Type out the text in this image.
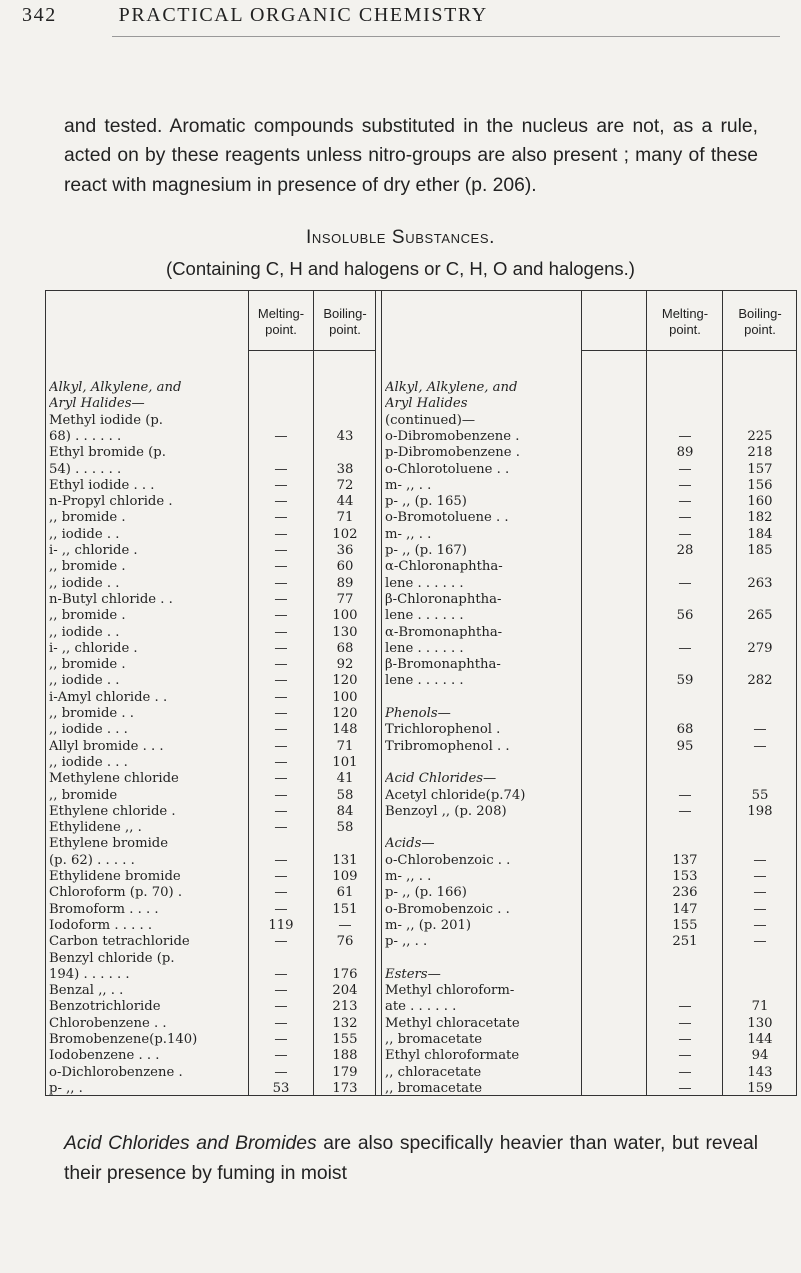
342	PRACTICAL ORGANIC CHEMISTRY
and tested. Aromatic compounds substituted in the nucleus are not, as a rule, acted on by these reagents unless nitro-groups are also present ; many of these react with magnesium in presence of dry ether (p. 206).
Insoluble Substances.
(Containing C, H and halogens or C, H, O and halogens.)
Melting-point.
Boiling-point.
Melting-point.
Boiling-point.
Alkyl, Alkylene, and
Aryl Halides—
Methyl iodide (p.
68) . . . . . .	—	43
Ethyl bromide (p.
54) . . . . . .	—	38
Ethyl iodide . . .	—	72
n-Propyl chloride .	—	44
,, bromide .	—	71
,, iodide . .	—	102
i- ,, chloride .	—	36
,, bromide .	—	60
,, iodide . .	—	89
n-Butyl chloride . .	—	77
,, bromide .	—	100
,, iodide . .	—	130
i- ,, chloride .	—	68
,, bromide .	—	92
,, iodide . .	—	120
i-Amyl chloride . .	—	100
,, bromide . .	—	120
,, iodide . . .	—	148
Allyl bromide . . .	—	71
,, iodide . . .	—	101
Methylene chloride	—	41
,, bromide	—	58
Ethylene chloride .	—	84
Ethylidene ,, .	—	58
Ethylene bromide
(p. 62) . . . . .	—	131
Ethylidene bromide	—	109
Chloroform (p. 70) .	—	61
Bromoform . . . .	—	151
Iodoform . . . . .	119	—
Carbon tetrachloride	—	76
Benzyl chloride (p.
194) . . . . . .	—	176
Benzal ,, . .	—	204
Benzotrichloride	—	213
Chlorobenzene . .	—	132
Bromobenzene(p.140)	—	155
Iodobenzene . . .	—	188
o-Dichlorobenzene .	—	179
p- ,, .	53	173
Alkyl, Alkylene, and
Aryl Halides
(continued)—
o-Dibromobenzene .	—	225
p-Dibromobenzene .	89	218
o-Chlorotoluene . .	—	157
m- ,, . .	—	156
p- ,, (p. 165)	—	160
o-Bromotoluene . .	—	182
m- ,, . .	—	184
p- ,, (p. 167)	28	185
α-Chloronaphtha-
lene . . . . . .	—	263
β-Chloronaphtha-
lene . . . . . .	56	265
α-Bromonaphtha-
lene . . . . . .	—	279
β-Bromonaphtha-
lene . . . . . .	59	282
Phenols—
Trichlorophenol .	68	—
Tribromophenol . .	95	—
Acid Chlorides—
Acetyl chloride(p.74)	—	55
Benzoyl ,, (p. 208)	—	198
Acids—
o-Chlorobenzoic . .	137	—
m- ,, . .	153	—
p- ,, (p. 166)	236	—
o-Bromobenzoic . .	147	—
m- ,, (p. 201)	155	—
p- ,, . .	251	—
Esters—
Methyl chloroform-
ate . . . . . .	—	71
Methyl chloracetate	—	130
,, bromacetate	—	144
Ethyl chloroformate	—	94
,, chloracetate	—	143
,, bromacetate	—	159
Acid Chlorides and Bromides are also specifically heavier than water, but reveal their presence by fuming in moist
